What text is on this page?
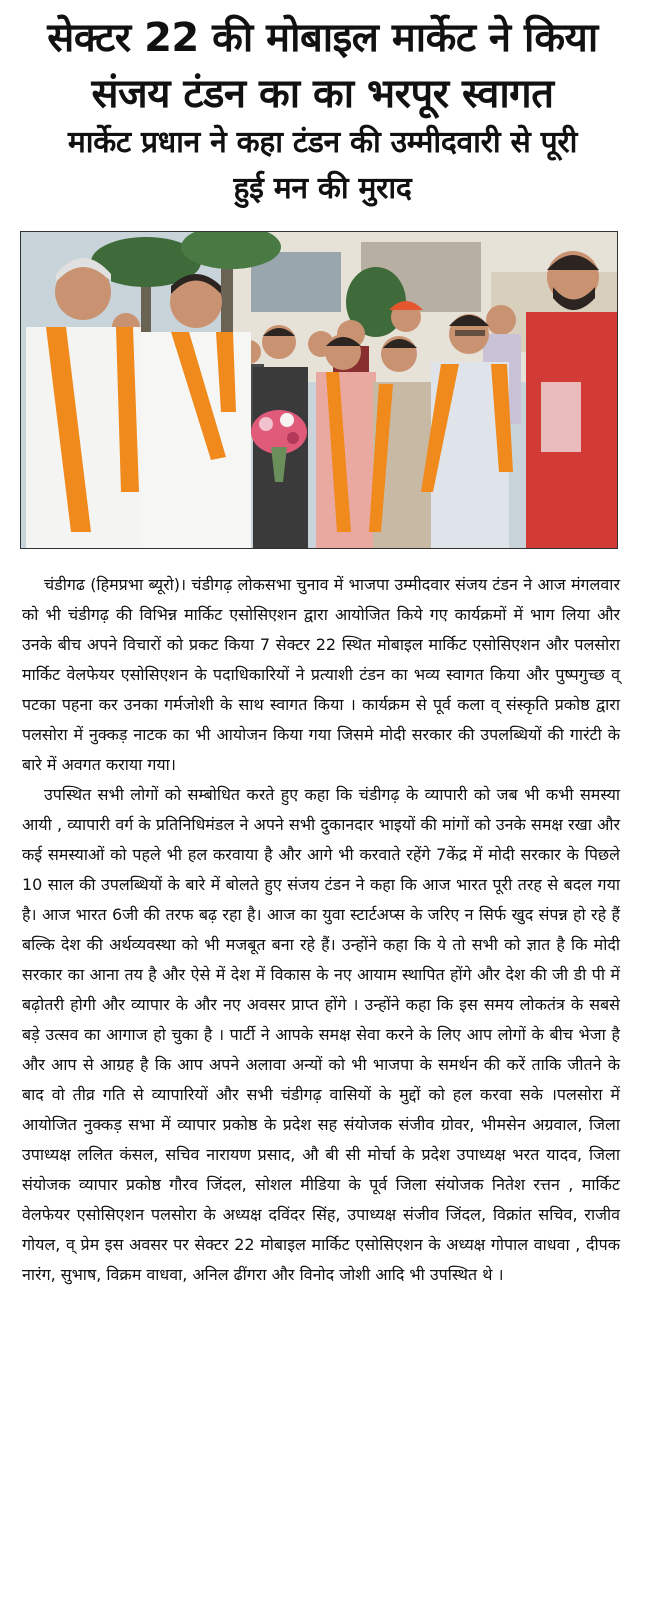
सेक्टर 22 की मोबाइल मार्केट ने किया
संजय टंडन का का भरपूर स्वागत
मार्केट प्रधान ने कहा टंडन की उम्मीदवारी से पूरी
हुई मन की मुराद

चंडीगढ (हिमप्रभा ब्यूरो)। चंडीगढ़ लोकसभा चुनाव में भाजपा उम्मीदवार संजय टंडन ने आज मंगलवार को भी चंडीगढ़ की विभिन्न मार्किट एसोसिएशन द्वारा आयोजित किये गए कार्यक्रमों में भाग लिया और उनके बीच अपने विचारों को प्रकट किया 7 सेक्टर 22 स्थित मोबाइल मार्किट एसोसिएशन और पलसोरा मार्किट वेलफेयर एसोसिएशन के पदाधिकारियों ने प्रत्याशी टंडन का भव्य स्वागत किया और पुष्पगुच्छ व् पटका पहना कर उनका गर्मजोशी के साथ स्वागत किया । कार्यक्रम से पूर्व कला व् संस्कृति प्रकोष्ठ द्वारा पलसोरा में नुक्कड़ नाटक का भी आयोजन किया गया जिसमे मोदी सरकार की उपलब्धियों की गारंटी के बारे में अवगत कराया गया।

उपस्थित सभी लोगों को सम्बोधित करते हुए कहा कि चंडीगढ़ के व्यापारी को जब भी कभी समस्या आयी , व्यापारी वर्ग के प्रतिनिधिमंडल ने अपने सभी दुकानदार भाइयों की मांगों को उनके समक्ष रखा और कई समस्याओं को पहले भी हल करवाया है और आगे भी करवाते रहेंगे 7केंद्र में मोदी सरकार के पिछले 10 साल की उपलब्धियों के बारे में बोलते हुए संजय टंडन ने कहा कि आज भारत पूरी तरह से बदल गया है। आज भारत 6जी की तरफ बढ़ रहा है। आज का युवा स्टार्टअप्स के जरिए न सिर्फ खुद संपन्न हो रहे हैं बल्कि देश की अर्थव्यवस्था को भी मजबूत बना रहे हैं। उन्होंने कहा कि ये तो सभी को ज्ञात है कि मोदी सरकार का आना तय है और ऐसे में देश में विकास के नए आयाम स्थापित होंगे और देश की जी डी पी में बढ़ोतरी होगी और व्यापार के और नए अवसर प्राप्त होंगे । उन्होंने कहा कि इस समय लोकतंत्र के सबसे बड़े उत्सव का आगाज हो चुका है । पार्टी ने आपके समक्ष सेवा करने के लिए आप लोगों के बीच भेजा है और आप से आग्रह है कि आप अपने अलावा अन्यों को भी भाजपा के समर्थन की करें ताकि जीतने के बाद वो तीव्र गति से व्यापारियों और सभी चंडीगढ़ वासियों के मुद्दों को हल करवा सके ।पलसोरा में आयोजित नुक्कड़ सभा में व्यापार प्रकोष्ठ के प्रदेश सह संयोजक संजीव ग्रोवर, भीमसेन अग्रवाल, जिला उपाध्यक्ष ललित कंसल, सचिव नारायण प्रसाद, औ बी सी मोर्चा के प्रदेश उपाध्यक्ष भरत यादव, जिला संयोजक व्यापार प्रकोष्ठ गौरव जिंदल, सोशल मीडिया के पूर्व जिला संयोजक नितेश रत्तन , मार्किट वेलफेयर एसोसिएशन पलसोरा के अध्यक्ष दविंदर सिंह, उपाध्यक्ष संजीव जिंदल, विक्रांत सचिव, राजीव गोयल, व् प्रेम इस अवसर पर सेक्टर 22 मोबाइल मार्किट एसोसिएशन के अध्यक्ष गोपाल वाधवा , दीपक नारंग, सुभाष, विक्रम वाधवा, अनिल ढींगरा और विनोद जोशी आदि भी उपस्थित थे ।
